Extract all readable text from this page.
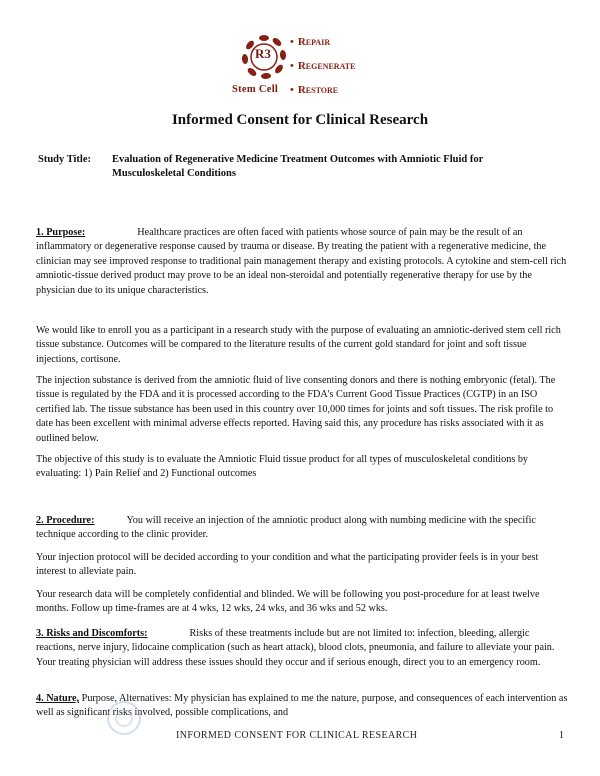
R3
Stem Cell
• Repair
• Regenerate
• Restore
Informed Consent for Clinical Research
Study Title: Evaluation of Regenerative Medicine Treatment Outcomes with Amniotic Fluid for Musculoskeletal Conditions

1. Purpose:	Healthcare practices are often faced with patients whose source of pain may be the result of an inflammatory or degenerative response caused by trauma or disease. By treating the patient with a regenerative medicine, the clinician may see improved response to traditional pain management therapy and existing protocols. A cytokine and stem-cell rich amniotic-tissue derived product may prove to be an ideal non-steroidal and potentially regenerative therapy for use by the physician due to its unique characteristics.

We would like to enroll you as a participant in a research study with the purpose of evaluating an amniotic-derived stem cell rich tissue substance. Outcomes will be compared to the literature results of the current gold standard for joint and soft tissue injections, cortisone.

The injection substance is derived from the amniotic fluid of live consenting donors and there is nothing embryonic (fetal). The tissue is regulated by the FDA and it is processed according to the FDA's Current Good Tissue Practices (CGTP) in an ISO certified lab. The tissue substance has been used in this country over 10,000 times for joints and soft tissues. The risk profile to date has been excellent with minimal adverse effects reported. Having said this, any procedure has risks associated with it as outlined below.

The objective of this study is to evaluate the Amniotic Fluid tissue product for all types of musculoskeletal conditions by evaluating: 1) Pain Relief and 2) Functional outcomes

2. Procedure:	You will receive an injection of the amniotic product along with numbing medicine with the specific technique according to the clinic provider.

Your injection protocol will be decided according to your condition and what the participating provider feels is in your best interest to alleviate pain.

Your research data will be completely confidential and blinded. We will be following you post-procedure for at least twelve months. Follow up time-frames are at 4 wks, 12 wks, 24 wks, and 36 wks and 52 wks.

3. Risks and Discomforts:	Risks of these treatments include but are not limited to: infection, bleeding, allergic reactions, nerve injury, lidocaine complication (such as heart attack), blood clots, pneumonia, and failure to alleviate your pain. Your treating physician will address these issues should they occur and if serious enough, direct you to an emergency room.

4. Nature, Purpose, Alternatives: My physician has explained to me the nature, purpose, and consequences of each intervention as well as significant risks involved, possible complications, and

INFORMED CONSENT FOR CLINICAL RESEARCH	1
